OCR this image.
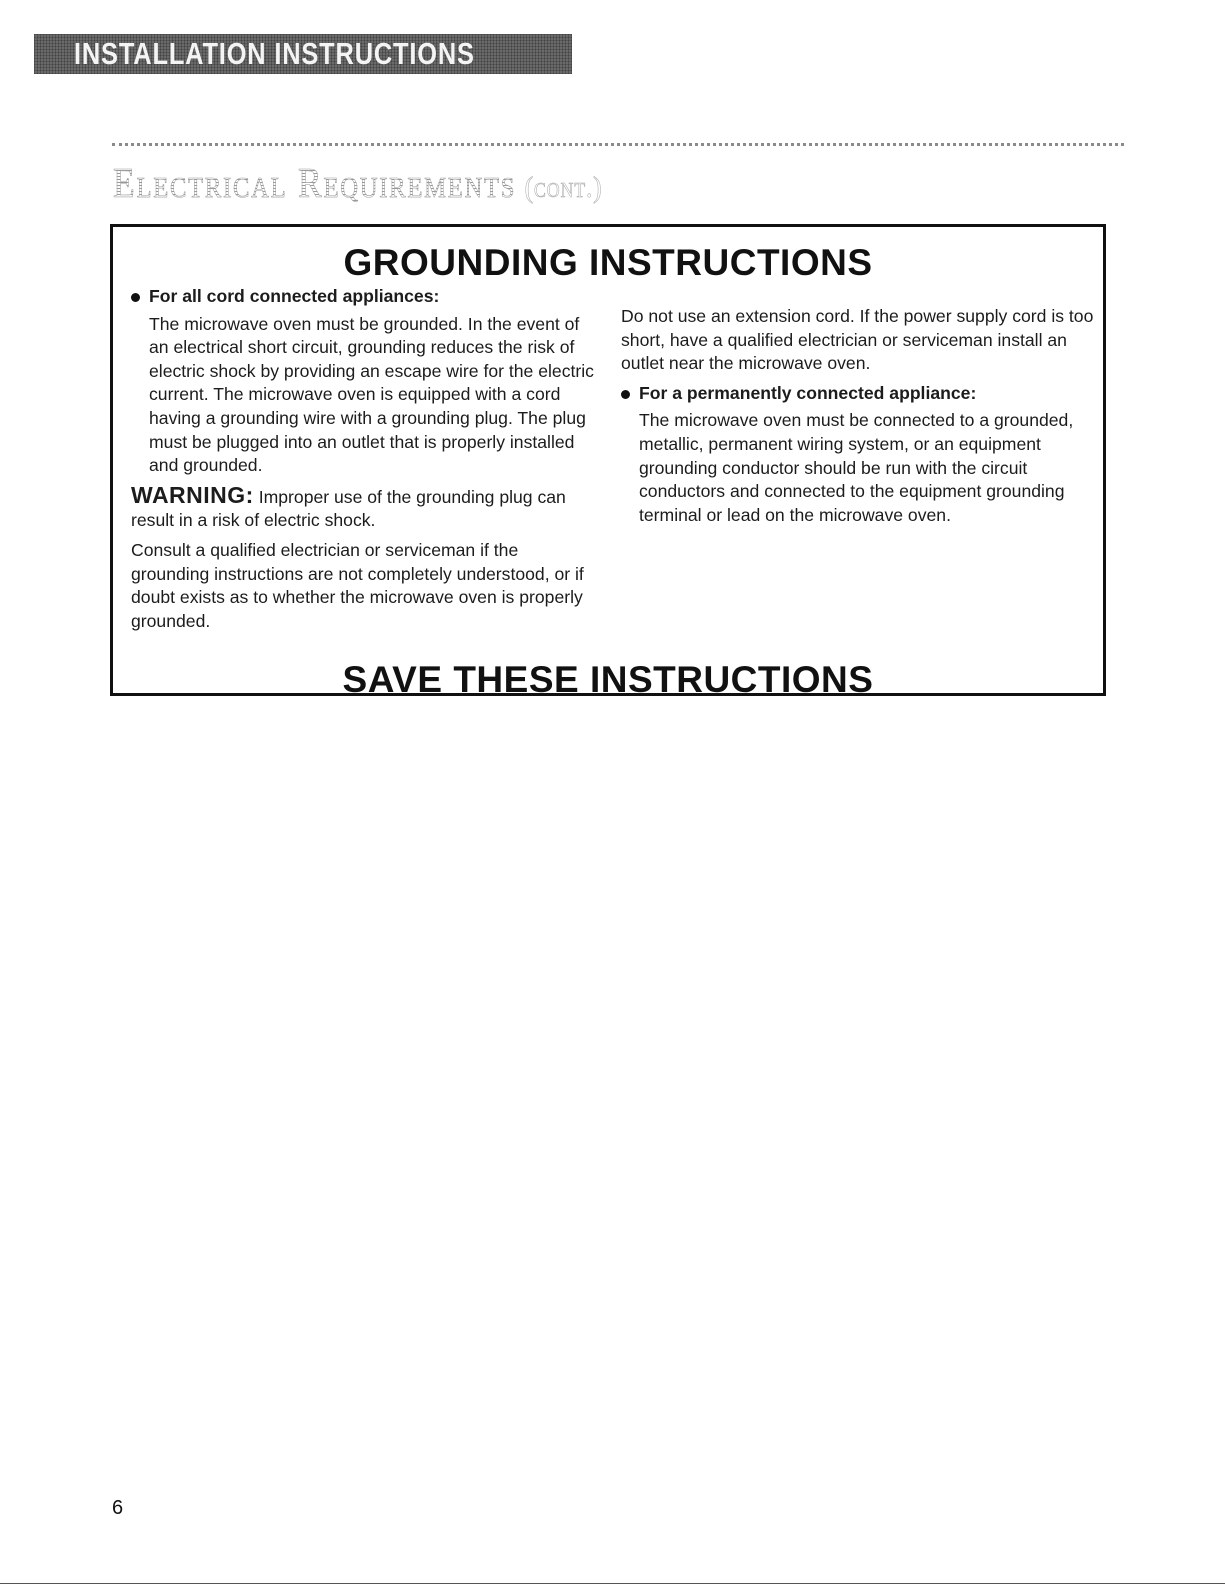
INSTALLATION INSTRUCTIONS
Electrical Requirements (cont.)
GROUNDING INSTRUCTIONS

For all cord connected appliances:

The microwave oven must be grounded. In the event of an electrical short circuit, grounding reduces the risk of electric shock by providing an escape wire for the electric current. The microwave oven is equipped with a cord having a grounding wire with a grounding plug. The plug must be plugged into an outlet that is properly installed and grounded.

WARNING: Improper use of the grounding plug can result in a risk of electric shock.

Consult a qualified electrician or serviceman if the grounding instructions are not completely understood, or if doubt exists as to whether the microwave oven is properly grounded.

Do not use an extension cord. If the power supply cord is too short, have a qualified electrician or serviceman install an outlet near the microwave oven.

For a permanently connected appliance:

The microwave oven must be connected to a grounded, metallic, permanent wiring system, or an equipment grounding conductor should be run with the circuit conductors and connected to the equipment grounding terminal or lead on the microwave oven.

SAVE THESE INSTRUCTIONS
6
